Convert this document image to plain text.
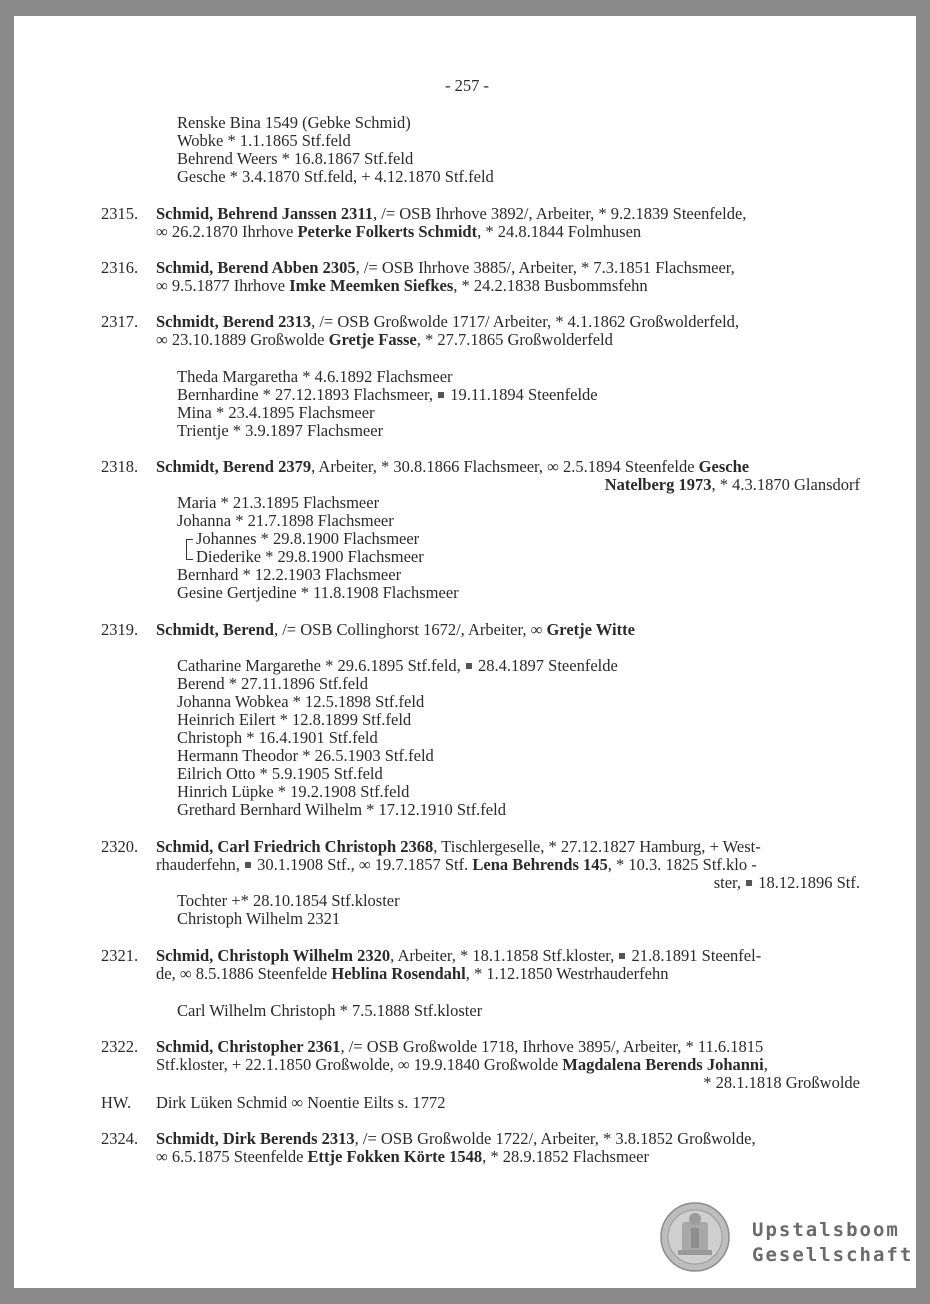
- 257 -

Renske Bina 1549 (Gebke Schmid)

Wobke * 1.1.1865 Stf.feld

Behrend Weers * 16.8.1867 Stf.feld

Gesche * 3.4.1870 Stf.feld, + 4.12.1870 Stf.feld

2315. Schmid, Behrend Janssen 2311, /= OSB Ihrhove 3892/, Arbeiter, * 9.2.1839 Steenfelde,

∞ 26.2.1870 Ihrhove Peterke Folkerts Schmidt, * 24.8.1844 Folmhusen

2316. Schmid, Berend Abben 2305, /= OSB Ihrhove 3885/, Arbeiter, * 7.3.1851 Flachsmeer,

∞ 9.5.1877 Ihrhove Imke Meemken Siefkes, * 24.2.1838 Busbommsfehn

2317. Schmidt, Berend 2313, /= OSB Großwolde 1717/ Arbeiter, * 4.1.1862 Großwolderfeld,

∞ 23.10.1889 Großwolde Gretje Fasse, * 27.7.1865 Großwolderfeld

Theda Margaretha * 4.6.1892 Flachsmeer

Bernhardine * 27.12.1893 Flachsmeer,  19.11.1894 Steenfelde

Mina * 23.4.1895 Flachsmeer

Trientje * 3.9.1897 Flachsmeer

2318. Schmidt, Berend 2379, Arbeiter, * 30.8.1866 Flachsmeer, ∞ 2.5.1894 Steenfelde Gesche

Natelberg 1973, * 4.3.1870 Glansdorf

Maria * 21.3.1895 Flachsmeer

Johanna * 21.7.1898 Flachsmeer

Johannes * 29.8.1900 Flachsmeer

Diederike * 29.8.1900 Flachsmeer

Bernhard * 12.2.1903 Flachsmeer

Gesine Gertjedine * 11.8.1908 Flachsmeer

2319. Schmidt, Berend, /= OSB Collinghorst 1672/, Arbeiter, ∞ Gretje Witte

Catharine Margarethe * 29.6.1895 Stf.feld,  28.4.1897 Steenfelde

Berend * 27.11.1896 Stf.feld

Johanna Wobkea * 12.5.1898 Stf.feld

Heinrich Eilert * 12.8.1899 Stf.feld

Christoph * 16.4.1901 Stf.feld

Hermann Theodor * 26.5.1903 Stf.feld

Eilrich Otto * 5.9.1905 Stf.feld

Hinrich Lüpke * 19.2.1908 Stf.feld

Grethard Bernhard Wilhelm * 17.12.1910 Stf.feld

2320. Schmid, Carl Friedrich Christoph 2368, Tischlergeselle, * 27.12.1827 Hamburg, + West-

rhauderfehn,  30.1.1908 Stf., ∞ 19.7.1857 Stf. Lena Behrends 145, * 10.3. 1825 Stf.klo -

ster,  18.12.1896 Stf.

Tochter +* 28.10.1854 Stf.kloster

Christoph Wilhelm 2321

2321. Schmid, Christoph Wilhelm 2320, Arbeiter, * 18.1.1858 Stf.kloster,  21.8.1891 Steenfel-

de, ∞ 8.5.1886 Steenfelde Heblina Rosendahl, * 1.12.1850 Westrhauderfehn

Carl Wilhelm Christoph * 7.5.1888 Stf.kloster

2322. Schmid, Christopher 2361, /= OSB Großwolde 1718, Ihrhove 3895/, Arbeiter, * 11.6.1815

Stf.kloster, + 22.1.1850 Großwolde, ∞ 19.9.1840 Großwolde Magdalena Berends Johanni,

* 28.1.1818 Großwolde

HW. Dirk Lüken Schmid ∞ Noentie Eilts s. 1772

2324. Schmidt, Dirk Berends 2313, /= OSB Großwolde 1722/, Arbeiter, * 3.8.1852 Großwolde,

∞ 6.5.1875 Steenfelde Ettje Fokken Körte 1548, * 28.9.1852 Flachsmeer

Upstalsboom

Gesellschaft
